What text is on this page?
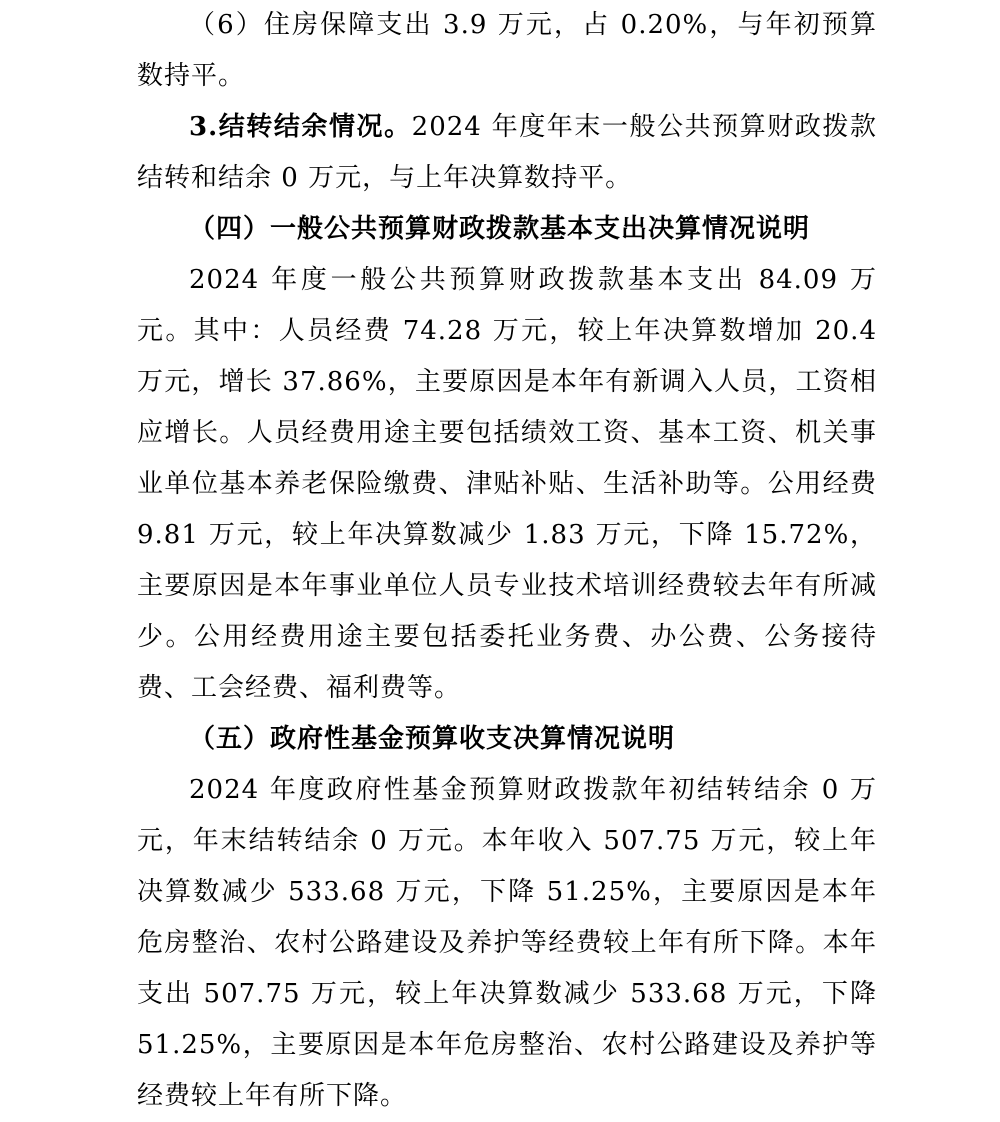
（6）住房保障支出 3.9 万元，占 0.20%，与年初预算数持平。

3.结转结余情况。2024 年度年末一般公共预算财政拨款结转和结余 0 万元，与上年决算数持平。

（四）一般公共预算财政拨款基本支出决算情况说明

2024 年度一般公共预算财政拨款基本支出 84.09 万元。其中：人员经费 74.28 万元，较上年决算数增加 20.4 万元，增长 37.86%，主要原因是本年有新调入人员，工资相应增长。人员经费用途主要包括绩效工资、基本工资、机关事业单位基本养老保险缴费、津贴补贴、生活补助等。公用经费 9.81 万元，较上年决算数减少 1.83 万元，下降 15.72%，主要原因是本年事业单位人员专业技术培训经费较去年有所减少。公用经费用途主要包括委托业务费、办公费、公务接待费、工会经费、福利费等。

（五）政府性基金预算收支决算情况说明

2024 年度政府性基金预算财政拨款年初结转结余 0 万元，年末结转结余 0 万元。本年收入 507.75 万元，较上年决算数减少 533.68 万元，下降 51.25%，主要原因是本年危房整治、农村公路建设及养护等经费较上年有所下降。本年支出 507.75 万元，较上年决算数减少 533.68 万元，下降 51.25%，主要原因是本年危房整治、农村公路建设及养护等经费较上年有所下降。
